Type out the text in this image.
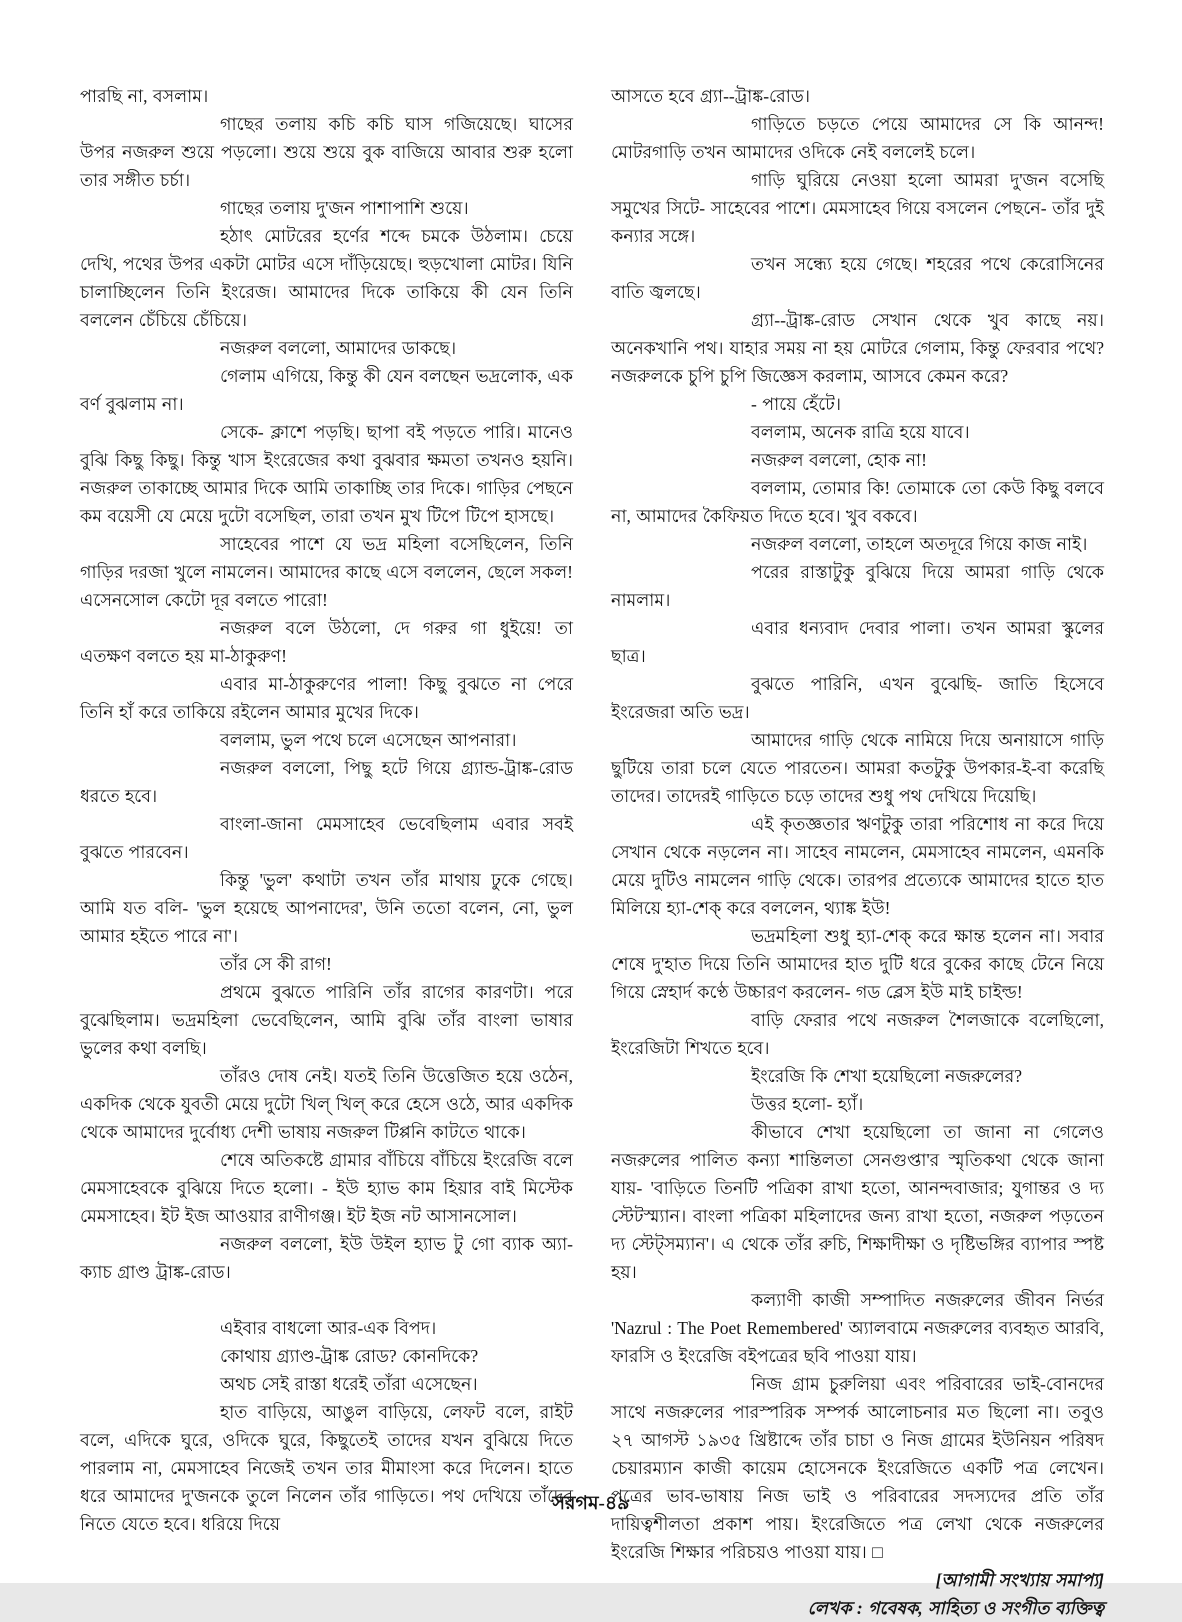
পারছি না, বসলাম।

গাছের তলায় কচি কচি ঘাস গজিয়েছে। ঘাসের উপর নজরুল শুয়ে পড়লো। শুয়ে শুয়ে বুক বাজিয়ে আবার শুরু হলো তার সঙ্গীত চর্চা।

গাছের তলায় দু'জন পাশাপাশি শুয়ে।

হঠাৎ মোটরের হর্ণের শব্দে চমকে উঠলাম। চেয়ে দেখি, পথের উপর একটা মোটর এসে দাঁড়িয়েছে। হুড়খোলা মোটর। যিনি চালাচ্ছিলেন তিনি ইংরেজ। আমাদের দিকে তাকিয়ে কী যেন তিনি বললেন চেঁচিয়ে চেঁচিয়ে।

নজরুল বললো, আমাদের ডাকছে।

গেলাম এগিয়ে, কিন্তু কী যেন বলছেন ভদ্রলোক, এক বর্ণ বুঝলাম না।

সেকে- ক্লাশে পড়ছি। ছাপা বই পড়তে পারি। মানেও বুঝি কিছু কিছু। কিন্তু খাস ইংরেজের কথা বুঝবার ক্ষমতা তখনও হয়নি। নজরুল তাকাচ্ছে আমার দিকে আমি তাকাচ্ছি তার দিকে। গাড়ির পেছনে কম বয়েসী যে মেয়ে দুটো বসেছিল, তারা তখন মুখ টিপে টিপে হাসছে।

সাহেবের পাশে যে ভদ্র মহিলা বসেছিলেন, তিনি গাড়ির দরজা খুলে নামলেন। আমাদের কাছে এসে বললেন, ছেলে সকল! এসেনসোল কেটো দূর বলতে পারো!

নজরুল বলে উঠলো, দে গরুর গা ধুইয়ে! তা এতক্ষণ বলতে হয় মা-ঠাকুরুণ!

এবার মা-ঠাকুরুণের পালা! কিছু বুঝতে না পেরে তিনি হাঁ করে তাকিয়ে রইলেন আমার মুখের দিকে।

বললাম, ভুল পথে চলে এসেছেন আপনারা।

নজরুল বললো, পিছু হটে গিয়ে গ্র্যান্ড-ট্রাঙ্ক-রোড ধরতে হবে।

বাংলা-জানা মেমসাহেব ভেবেছিলাম এবার সবই বুঝতে পারবেন।

কিন্তু 'ভুল' কথাটা তখন তাঁর মাথায় ঢুকে গেছে। আমি যত বলি- 'ভুল হয়েছে আপনাদের', উনি ততো বলেন, নো, ভুল আমার হইতে পারে না'।

তাঁর সে কী রাগ!

প্রথমে বুঝতে পারিনি তাঁর রাগের কারণটা। পরে বুঝেছিলাম। ভদ্রমহিলা ভেবেছিলেন, আমি বুঝি তাঁর বাংলা ভাষার ভুলের কথা বলছি।

তাঁরও দোষ নেই। যতই তিনি উত্তেজিত হয়ে ওঠেন, একদিক থেকে যুবতী মেয়ে দুটো খিল্ খিল্ করে হেসে ওঠে, আর একদিক থেকে আমাদের দুর্বোধ্য দেশী ভাষায় নজরুল টিপ্পনি কাটতে থাকে।

শেষে অতিকষ্টে গ্রামার বাঁচিয়ে বাঁচিয়ে ইংরেজি বলে মেমসাহেবকে বুঝিয়ে দিতে হলো। - ইউ হ্যাভ কাম হিয়ার বাই মিস্টেক মেমসাহেব। ইট ইজ আওয়ার রাণীগঞ্জ। ইট ইজ নট আসানসোল।

নজরুল বললো, ইউ উইল হ্যাভ টু গো ব্যাক অ্যা- ক্যাচ গ্রাণ্ড ট্রাঙ্ক-রোড।

এইবার বাধলো আর-এক বিপদ।

কোথায় গ্র্যাণ্ড-ট্রাঙ্ক রোড? কোনদিকে?

অথচ সেই রাস্তা ধরেই তাঁরা এসেছেন।

হাত বাড়িয়ে, আঙুল বাড়িয়ে, লেফট বলে, রাইট বলে, এদিকে ঘুরে, ওদিকে ঘুরে, কিছুতেই তাদের যখন বুঝিয়ে দিতে পারলাম না, মেমসাহেব নিজেই তখন তার মীমাংসা করে দিলেন। হাতে ধরে আমাদের দু'জনকে তুলে নিলেন তাঁর গাড়িতে। পথ দেখিয়ে তাঁদের নিতে যেতে হবে। ধরিয়ে দিয়ে

আসতে হবে গ্র্যা--ট্রাঙ্ক-রোড।

গাড়িতে চড়তে পেয়ে আমাদের সে কি আনন্দ! মোটরগাড়ি তখন আমাদের ওদিকে নেই বললেই চলে।

গাড়ি ঘুরিয়ে নেওয়া হলো আমরা দু'জন বসেছি সমুখের সিটে- সাহেবের পাশে। মেমসাহেব গিয়ে বসলেন পেছনে- তাঁর দুই কন্যার সঙ্গে।

তখন সন্ধ্যে হয়ে গেছে। শহরের পথে কেরোসিনের বাতি জ্বলছে।

গ্র্যা--ট্রাঙ্ক-রোড সেখান থেকে খুব কাছে নয়। অনেকখানি পথ। যাহার সময় না হয় মোটরে গেলাম, কিন্তু ফেরবার পথে? নজরুলকে চুপি চুপি জিজ্ঞেস করলাম, আসবে কেমন করে?

- পায়ে হেঁটে।

বললাম, অনেক রাত্রি হয়ে যাবে।

নজরুল বললো, হোক না!

বললাম, তোমার কি! তোমাকে তো কেউ কিছু বলবে না, আমাদের কৈফিয়ত দিতে হবে। খুব বকবে।

নজরুল বললো, তাহলে অতদূরে গিয়ে কাজ নাই।

পরের রাস্তাটুকু বুঝিয়ে দিয়ে আমরা গাড়ি থেকে নামলাম।

এবার ধন্যবাদ দেবার পালা। তখন আমরা স্কুলের ছাত্র।

বুঝতে পারিনি, এখন বুঝেছি- জাতি হিসেবে ইংরেজরা অতি ভদ্র।

আমাদের গাড়ি থেকে নামিয়ে দিয়ে অনায়াসে গাড়ি ছুটিয়ে তারা চলে যেতে পারতেন। আমরা কতটুকু উপকার-ই-বা করেছি তাদের। তাদেরই গাড়িতে চড়ে তাদের শুধু পথ দেখিয়ে দিয়েছি।

এই কৃতজ্ঞতার ঋণটুকু তারা পরিশোধ না করে দিয়ে সেখান থেকে নড়লেন না। সাহেব নামলেন, মেমসাহেব নামলেন, এমনকি মেয়ে দুটিও নামলেন গাড়ি থেকে। তারপর প্রত্যেকে আমাদের হাতে হাত মিলিয়ে হ্যা-শেক্ করে বললেন, থ্যাঙ্ক ইউ!

ভদ্রমহিলা শুধু হ্যা-শেক্ করে ক্ষান্ত হলেন না। সবার শেষে দু'হাত দিয়ে তিনি আমাদের হাত দুটি ধরে বুকের কাছে টেনে নিয়ে গিয়ে স্নেহার্দ কণ্ঠে উচ্চারণ করলেন- গড ব্লেস ইউ মাই চাইল্ড!

বাড়ি ফেরার পথে নজরুল শৈলজাকে বলেছিলো, ইংরেজিটা শিখতে হবে।

ইংরেজি কি শেখা হয়েছিলো নজরুলের?

উত্তর হলো- হ্যাঁ।

কীভাবে শেখা হয়েছিলো তা জানা না গেলেও নজরুলের পালিত কন্যা শান্তিলতা সেনগুপ্তা'র স্মৃতিকথা থেকে জানা যায়- 'বাড়িতে তিনটি পত্রিকা রাখা হতো, আনন্দবাজার; যুগান্তর ও দ্য স্টেটস্ম্যান। বাংলা পত্রিকা মহিলাদের জন্য রাখা হতো, নজরুল পড়তেন দ্য স্টেট্‌সম্যান'। এ থেকে তাঁর রুচি, শিক্ষাদীক্ষা ও দৃষ্টিভঙ্গির ব্যাপার স্পষ্ট হয়।

কল্যাণী কাজী সম্পাদিত নজরুলের জীবন নির্ভর 'Nazrul : The Poet Remembered' অ্যালবামে নজরুলের ব্যবহৃত আরবি, ফারসি ও ইংরেজি বইপত্রের ছবি পাওয়া যায়।

নিজ গ্রাম চুরুলিয়া এবং পরিবারের ভাই-বোনদের সাথে নজরুলের পারস্পরিক সম্পর্ক আলোচনার মত ছিলো না। তবুও ২৭ আগস্ট ১৯৩৫ খ্রিষ্টাব্দে তাঁর চাচা ও নিজ গ্রামের ইউনিয়ন পরিষদ চেয়ারম্যান কাজী কায়েম হোসেনকে ইংরেজিতে একটি পত্র লেখেন। পত্রের ভাব-ভাষায় নিজ ভাই ও পরিবারের সদস্যদের প্রতি তাঁর দায়িত্বশীলতা প্রকাশ পায়। ইংরেজিতে পত্র লেখা থেকে নজরুলের ইংরেজি শিক্ষার পরিচয়ও পাওয়া যায়। □

[আগামী সংখ্যায় সমাপ্য]

লেখক : গবেষক, সাহিত্য ও সংগীত ব্যক্তিত্ব

সরগম-৪৯
